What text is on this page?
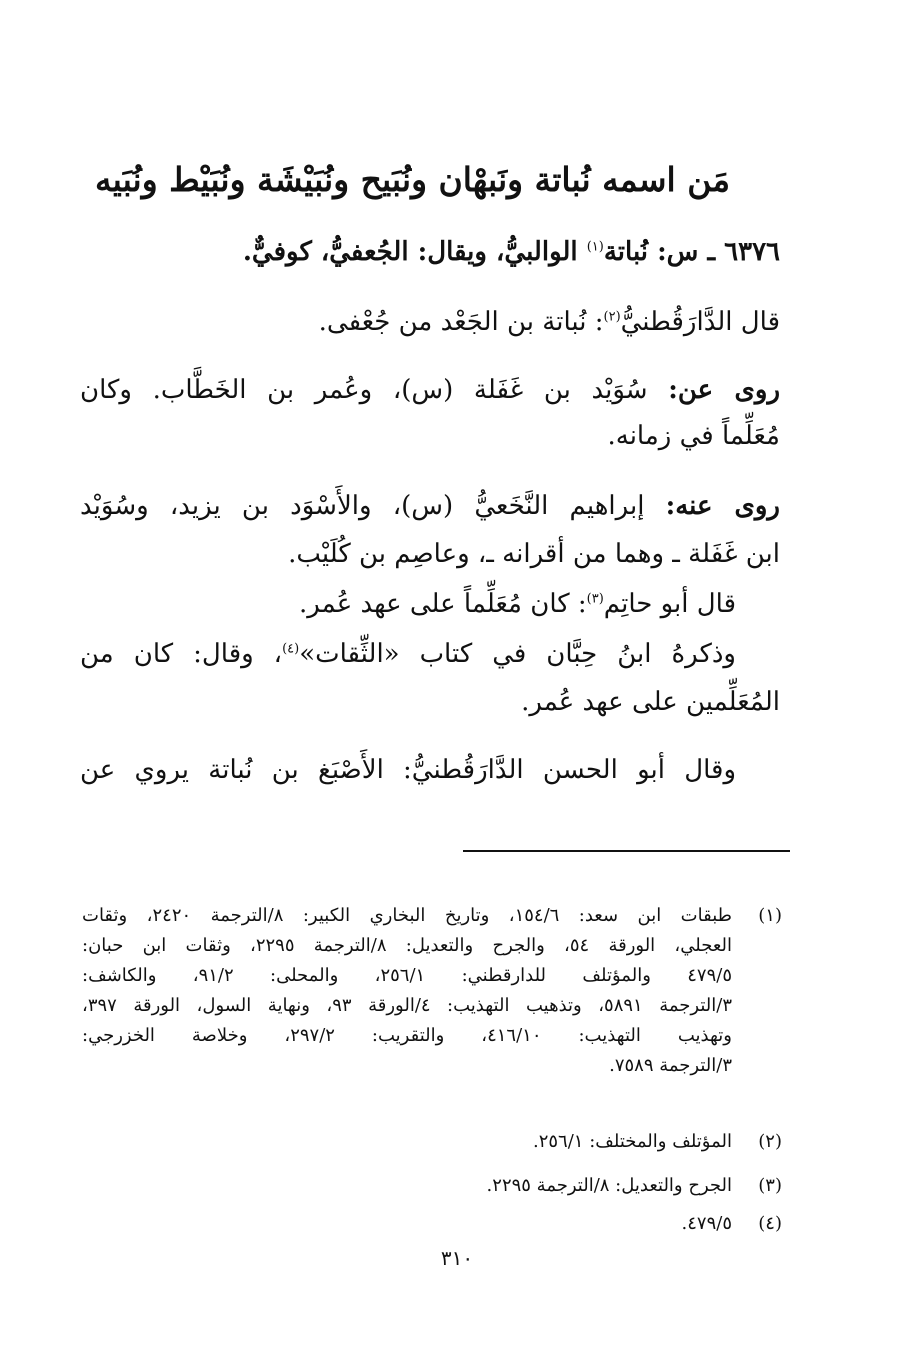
مَن اسمه نُباتة ونَبهْان ونُبَيح ونُبَيْشَة ونُبَيْط ونُبَيه
٦٣٧٦ ـ س: نُباتة$^{(١)}$ الوالبيُّ، ويقال: الجُعفيُّ، كوفيٌّ.
قال الدَّارَقُطنيُّ$^{(٢)}$: نُباتة بن الجَعْد من جُعْفى.
روى عن: سُوَيْد بن غَفَلة (س)، وعُمر بن الخَطَّاب. وكان
مُعَلِّماً في زمانه.
روى عنه: إبراهيم النَّخَعيُّ (س)، والأَسْوَد بن يزيد، وسُوَيْد
ابن غَفَلة ـ وهما من أقرانه ـ، وعاصِم بن كُلَيْب.
قال أبو حاتِم$^{(٣)}$: كان مُعَلِّماً على عهد عُمر.
وذكرهُ ابنُ حِبَّان في كتاب «الثِّقات»$^{(٤)}$، وقال: كان من
المُعَلِّمين على عهد عُمر.
وقال أبو الحسن الدَّارَقُطنيُّ: الأَصْبَغ بن نُباتة يروي عن
(١)
طبقات ابن سعد: ١٥٤/٦، وتاريخ البخاري الكبير: ٨/الترجمة ٢٤٢٠، وثقات
العجلي، الورقة ٥٤، والجرح والتعديل: ٨/الترجمة ٢٢٩٥، وثقات ابن حبان:
٤٧٩/٥ والمؤتلف للدارقطني: ٢٥٦/١، والمحلى: ٩١/٢، والكاشف:
٣/الترجمة ٥٨٩١، وتذهيب التهذيب: ٤/الورقة ٩٣، ونهاية السول، الورقة ٣٩٧،
وتهذيب التهذيب: ٤١٦/١٠، والتقريب: ٢٩٧/٢، وخلاصة الخزرجي:
٣/الترجمة ٧٥٨٩.
(٢)
المؤتلف والمختلف: ٢٥٦/١.
(٣)
الجرح والتعديل: ٨/الترجمة ٢٢٩٥.
(٤)
٤٧٩/٥.
٣١٠
